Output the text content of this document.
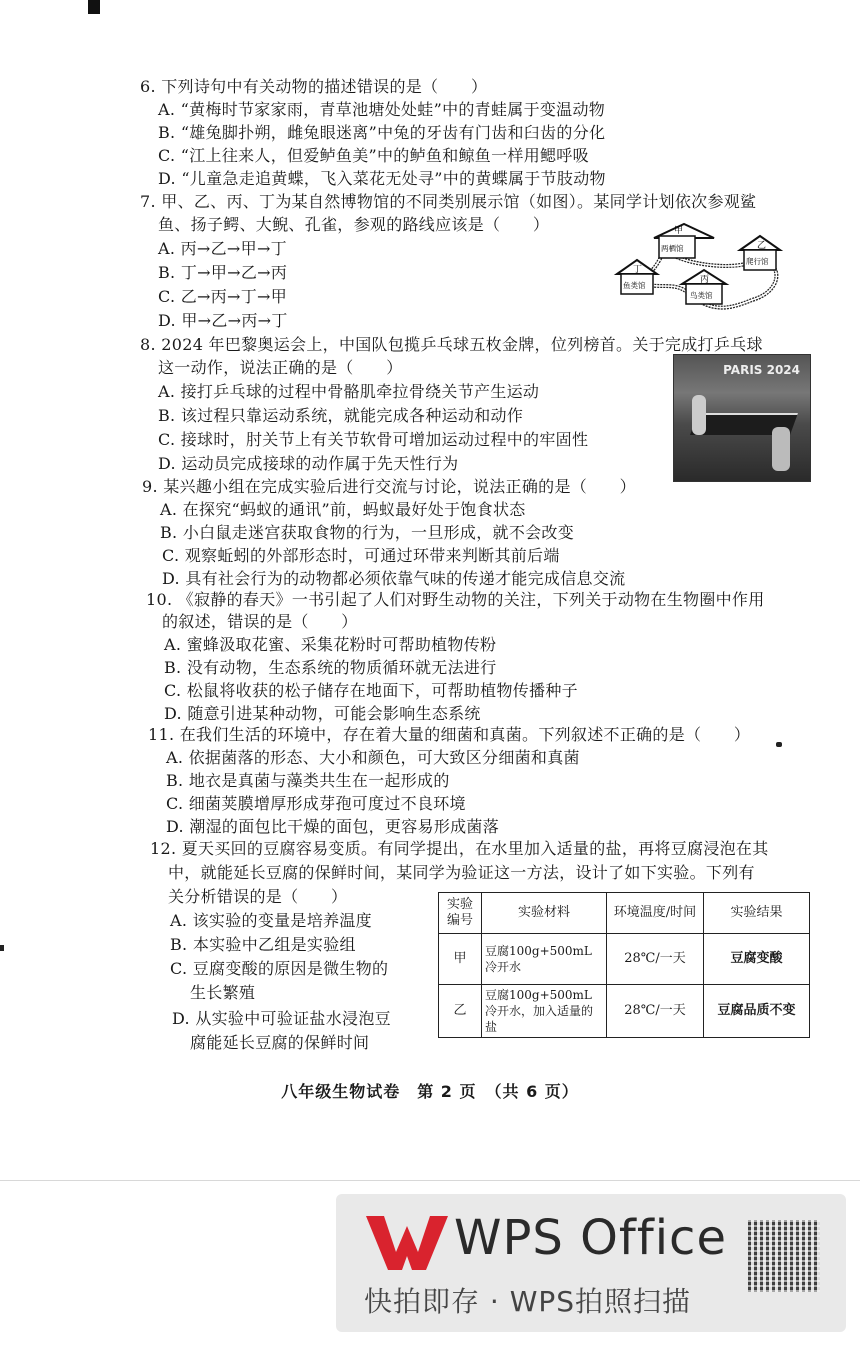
6. 下列诗句中有关动物的描述错误的是（　　）
A. “黄梅时节家家雨，青草池塘处处蛙”中的青蛙属于变温动物
B. “雄兔脚扑朔，雌兔眼迷离”中兔的牙齿有门齿和臼齿的分化
C. “江上往来人，但爱鲈鱼美”中的鲈鱼和鲸鱼一样用鳃呼吸
D. “儿童急走追黄蝶，飞入菜花无处寻”中的黄蝶属于节肢动物
7. 甲、乙、丙、丁为某自然博物馆的不同类别展示馆（如图）。某同学计划依次参观鲨
鱼、扬子鳄、大鲵、孔雀，参观的路线应该是（　　）
A. 丙→乙→甲→丁
B. 丁→甲→乙→丙
C. 乙→丙→丁→甲
D. 甲→乙→丙→丁
甲
两栖馆	乙
爬行馆
丁
鱼类馆
丙
鸟类馆
8. 2024 年巴黎奥运会上，中国队包揽乒乓球五枚金牌，位列榜首。关于完成打乒乓球
这一动作，说法正确的是（　　）
A. 接打乒乓球的过程中骨骼肌牵拉骨绕关节产生运动
B. 该过程只靠运动系统，就能完成各种运动和动作
C. 接球时，肘关节上有关节软骨可增加运动过程中的牢固性
D. 运动员完成接球的动作属于先天性行为
PARIS 2024
9. 某兴趣小组在完成实验后进行交流与讨论，说法正确的是（　　）
A. 在探究“蚂蚁的通讯”前，蚂蚁最好处于饱食状态
B. 小白鼠走迷宫获取食物的行为，一旦形成，就不会改变
C. 观察蚯蚓的外部形态时，可通过环带来判断其前后端
D. 具有社会行为的动物都必须依靠气味的传递才能完成信息交流
10. 《寂静的春天》一书引起了人们对野生动物的关注，下列关于动物在生物圈中作用
的叙述，错误的是（　　）
A. 蜜蜂汲取花蜜、采集花粉时可帮助植物传粉
B. 没有动物，生态系统的物质循环就无法进行
C. 松鼠将收获的松子储存在地面下，可帮助植物传播种子
D. 随意引进某种动物，可能会影响生态系统
11. 在我们生活的环境中，存在着大量的细菌和真菌。下列叙述不正确的是（　　）
A. 依据菌落的形态、大小和颜色，可大致区分细菌和真菌
B. 地衣是真菌与藻类共生在一起形成的
C. 细菌荚膜增厚形成芽孢可度过不良环境
D. 潮湿的面包比干燥的面包，更容易形成菌落
12. 夏天买回的豆腐容易变质。有同学提出，在水里加入适量的盐，再将豆腐浸泡在其
中，就能延长豆腐的保鲜时间，某同学为验证这一方法，设计了如下实验。下列有
关分析错误的是（　　）
A. 该实验的变量是培养温度
B. 本实验中乙组是实验组
C. 豆腐变酸的原因是微生物的
生长繁殖
D. 从实验中可验证盐水浸泡豆
腐能延长豆腐的保鲜时间
实验编号	实验材料	环境温度/时间	实验结果
甲	豆腐100g+500mL冷开水	28℃/一天	豆腐变酸
乙	豆腐100g+500mL冷开水，加入适量的盐	28℃/一天	豆腐品质不变
八年级生物试卷　第 2 页　（共 6 页）
WPS Office
快拍即存 · WPS拍照扫描
